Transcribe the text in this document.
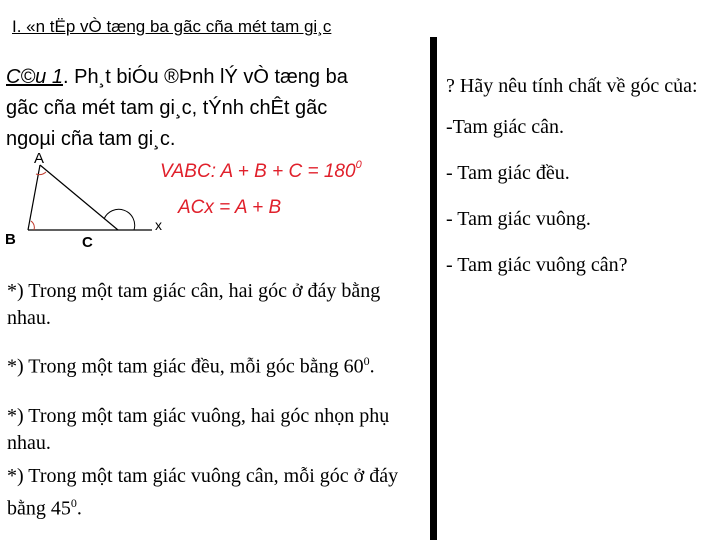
I. «n tËp vÒ tæng ba gãc cña mét tam gi¸c
C©u 1. Ph¸t biÓu ®Þnh lÝ vÒ tæng ba gãc cña mét tam gi¸c, tÝnh chÊt gãc ngoµi cña tam gi¸c.
A
B	C
x
VABC: $A + B + C = 180^0$
ACx = A + B
*) Trong một tam giác cân, hai góc ở đáy bằng nhau.
*) Trong một tam giác đều, mỗi góc bằng $60^0$.
*) Trong một tam giác vuông, hai góc nhọn phụ nhau.
*) Trong một tam giác vuông cân, mỗi góc ở đáy bằng $45^0$.
? Hãy nêu tính chất về góc của:
-Tam giác cân.
- Tam giác đều.
- Tam giác vuông.
- Tam giác vuông cân?
